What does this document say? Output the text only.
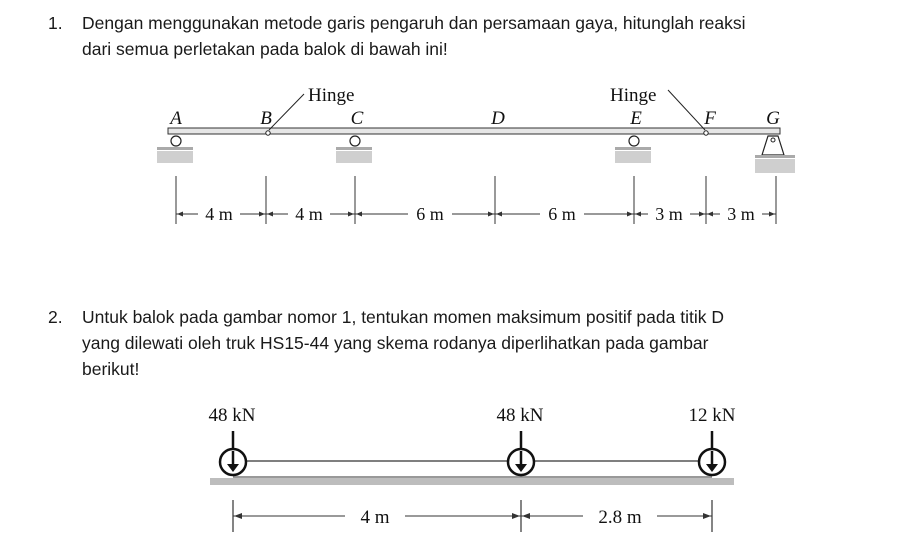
1. Dengan menggunakan metode garis pengaruh dan persamaan gaya, hitunglah reaksi
dari semua perletakan pada balok di bawah ini!
A	B	C	D	E	F	G
Hinge	Hinge
4 m	4 m	6 m	6 m	3 m 3 m
2. Untuk balok pada gambar nomor 1, tentukan momen maksimum positif pada titik D
yang dilewati oleh truk HS15-44 yang skema rodanya diperlihatkan pada gambar
berikut!
48 kN	48 kN	12 kN
4 m	2.8 m
